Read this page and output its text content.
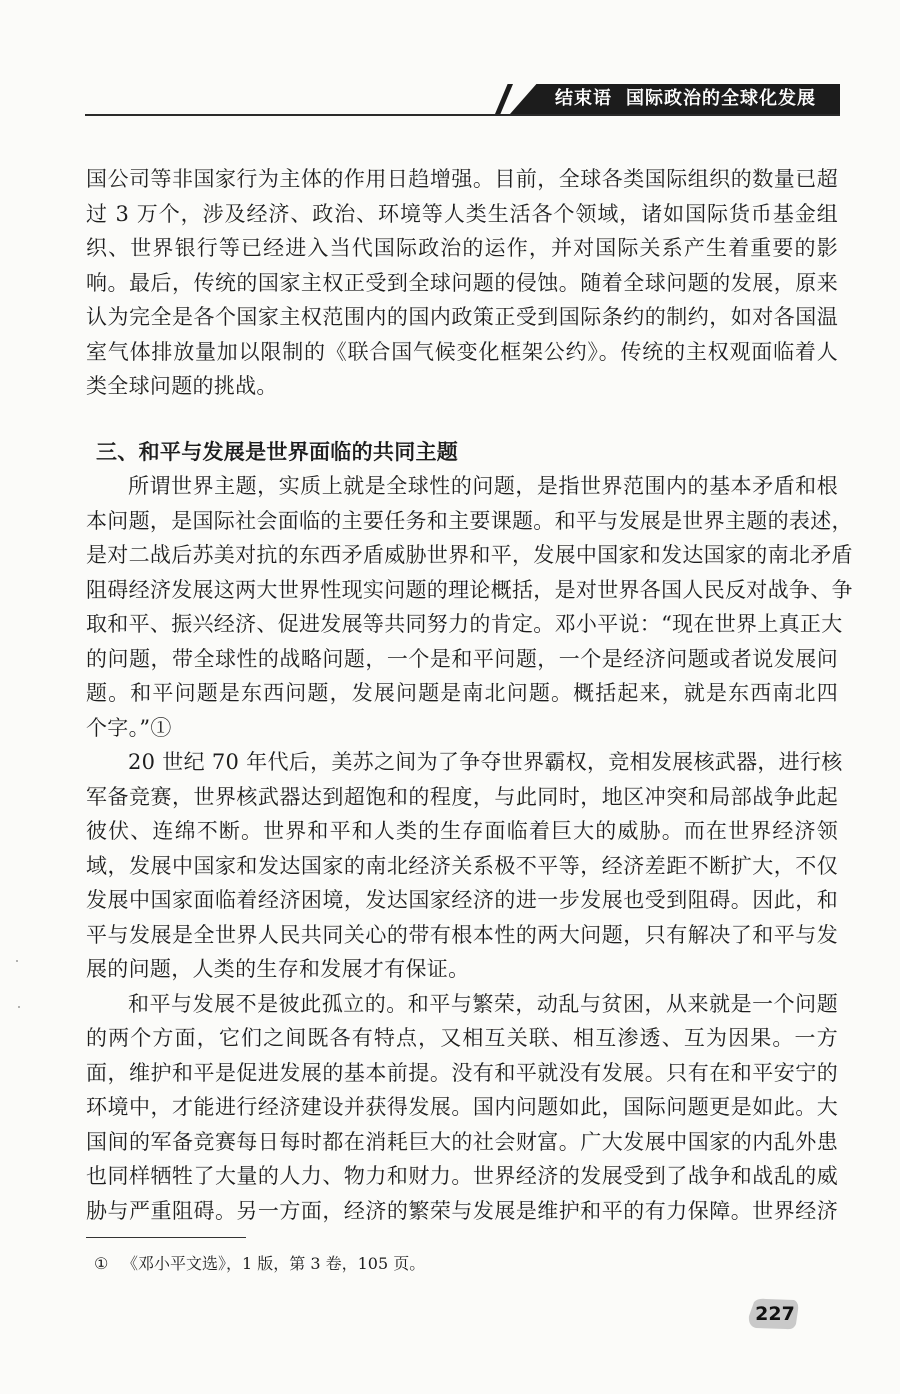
结束语 国际政治的全球化发展
国公司等非国家行为主体的作用日趋增强。目前，全球各类国际组织的数量已超
过 3 万个，涉及经济、政治、环境等人类生活各个领域，诸如国际货币基金组
织、世界银行等已经进入当代国际政治的运作，并对国际关系产生着重要的影
响。最后，传统的国家主权正受到全球问题的侵蚀。随着全球问题的发展，原来
认为完全是各个国家主权范围内的国内政策正受到国际条约的制约，如对各国温
室气体排放量加以限制的《联合国气候变化框架公约》。传统的主权观面临着人
类全球问题的挑战。
三、和平与发展是世界面临的共同主题
所谓世界主题，实质上就是全球性的问题，是指世界范围内的基本矛盾和根
本问题，是国际社会面临的主要任务和主要课题。和平与发展是世界主题的表述，
是对二战后苏美对抗的东西矛盾威胁世界和平，发展中国家和发达国家的南北矛盾
阻碍经济发展这两大世界性现实问题的理论概括，是对世界各国人民反对战争、争
取和平、振兴经济、促进发展等共同努力的肯定。邓小平说：“现在世界上真正大
的问题，带全球性的战略问题，一个是和平问题，一个是经济问题或者说发展问
题。和平问题是东西问题，发展问题是南北问题。概括起来，就是东西南北四
个字。”①
20 世纪 70 年代后，美苏之间为了争夺世界霸权，竞相发展核武器，进行核
军备竞赛，世界核武器达到超饱和的程度，与此同时，地区冲突和局部战争此起
彼伏、连绵不断。世界和平和人类的生存面临着巨大的威胁。而在世界经济领
域，发展中国家和发达国家的南北经济关系极不平等，经济差距不断扩大，不仅
发展中国家面临着经济困境，发达国家经济的进一步发展也受到阻碍。因此，和
平与发展是全世界人民共同关心的带有根本性的两大问题，只有解决了和平与发
展的问题，人类的生存和发展才有保证。
和平与发展不是彼此孤立的。和平与繁荣，动乱与贫困，从来就是一个问题
的两个方面，它们之间既各有特点，又相互关联、相互渗透、互为因果。一方
面，维护和平是促进发展的基本前提。没有和平就没有发展。只有在和平安宁的
环境中，才能进行经济建设并获得发展。国内问题如此，国际问题更是如此。大
国间的军备竞赛每日每时都在消耗巨大的社会财富。广大发展中国家的内乱外患
也同样牺牲了大量的人力、物力和财力。世界经济的发展受到了战争和战乱的威
胁与严重阻碍。另一方面，经济的繁荣与发展是维护和平的有力保障。世界经济
① 《邓小平文选》，1 版，第 3 卷，105 页。
227
